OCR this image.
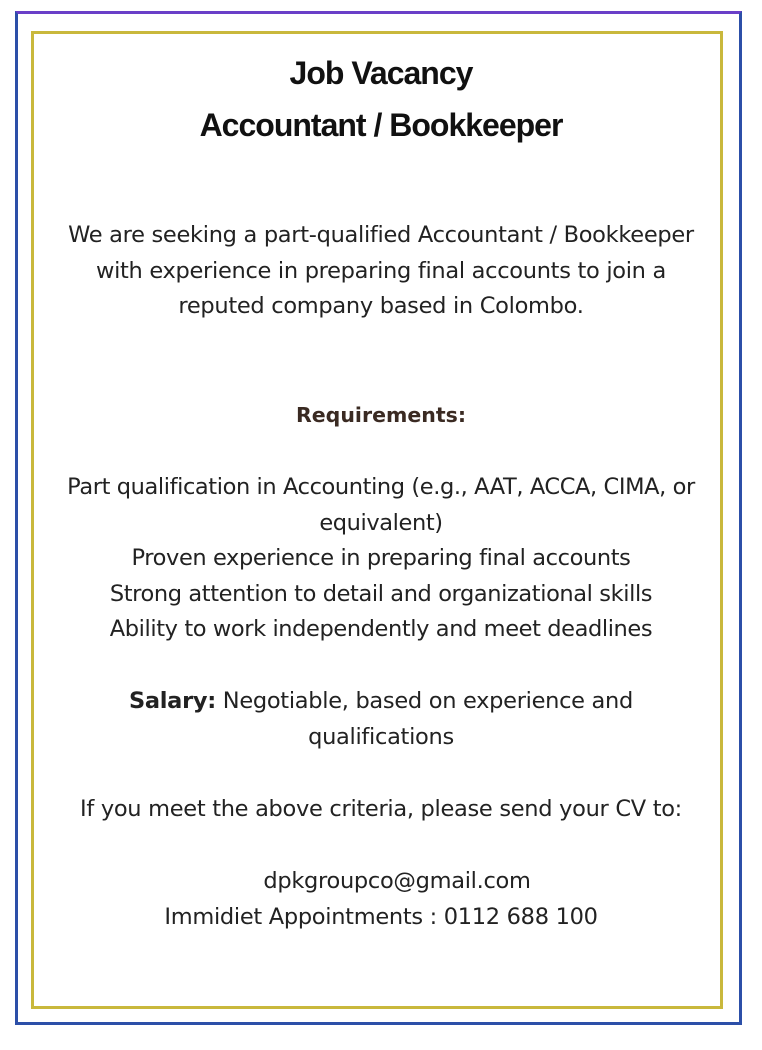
Job Vacancy
Accountant / Bookkeeper
We are seeking a part-qualified Accountant / Bookkeeper with experience in preparing final accounts to join a reputed company based in Colombo.
Requirements:
Part qualification in Accounting (e.g., AAT, ACCA, CIMA, or equivalent)
Proven experience in preparing final accounts
Strong attention to detail and organizational skills
Ability to work independently and meet deadlines
Salary: Negotiable, based on experience and qualifications
If you meet the above criteria, please send your CV to:
dpkgroupco@gmail.com
Immidiet Appointments : 0112 688 100
